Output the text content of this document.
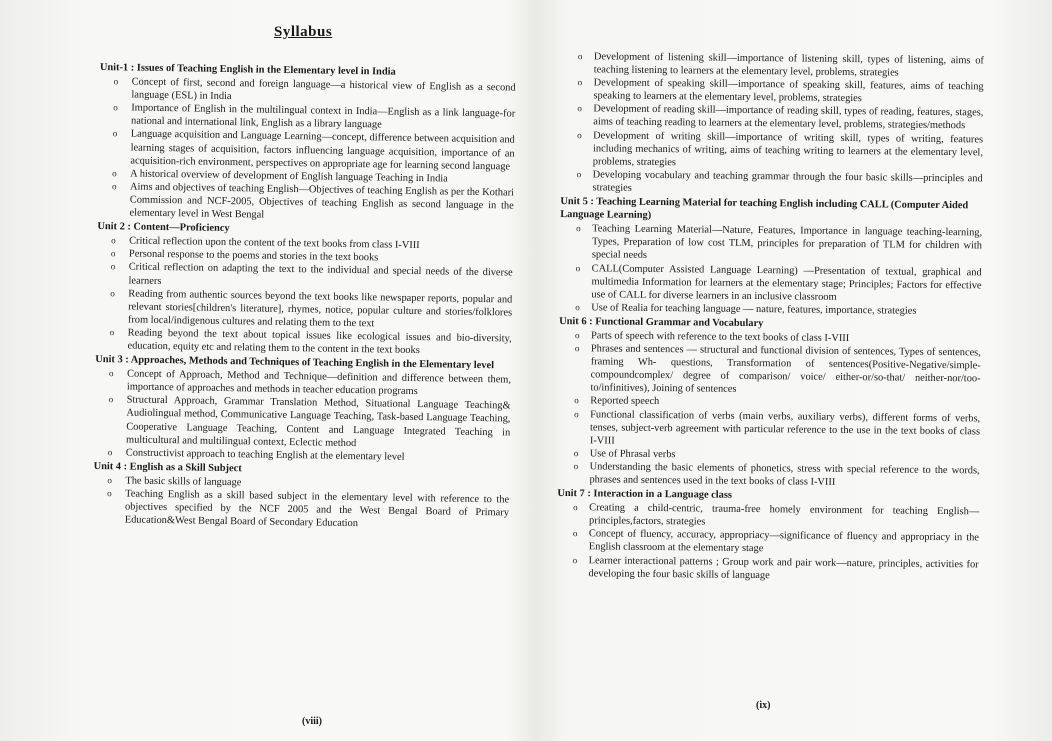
Syllabus
Unit-1 : Issues of Teaching English in the Elementary level in India
o Concept of first, second and foreign language—a historical view of English as a second language (ESL) in India
o Importance of English in the multilingual context in India—English as a link language-for national and international link, English as a library language
o Language acquisition and Language Learning—concept, difference between acquisition and learning stages of acquisition, factors influencing language acquisition, importance of an acquisition-rich environment, perspectives on appropriate age for learning second language
o A historical overview of development of English language Teaching in India
o Aims and objectives of teaching English—Objectives of teaching English as per the Kothari Commission and NCF-2005, Objectives of teaching English as second language in the elementary level in West Bengal
Unit 2 : Content—Proficiency
o Critical reflection upon the content of the text books from class I-VIII
o Personal response to the poems and stories in the text books
o Critical reflection on adapting the text to the individual and special needs of the diverse learners
o Reading from authentic sources beyond the text books like newspaper reports, popular and relevant stories[children's literature], rhymes, notice, popular culture and stories/folklores from local/indigenous cultures and relating them to the text
o Reading beyond the text about topical issues like ecological issues and bio-diversity, education, equity etc and relating them to the content in the text books
Unit 3 : Approaches, Methods and Techniques of Teaching English in the Elementary level
o Concept of Approach, Method and Technique—definition and difference between them, importance of approaches and methods in teacher education programs
o Structural Approach, Grammar Translation Method, Situational Language Teaching& Audiolingual method, Communicative Language Teaching, Task-based Language Teaching, Cooperative Language Teaching, Content and Language Integrated Teaching in multicultural and multilingual context, Eclectic method
o Constructivist approach to teaching English at the elementary level
Unit 4 : English as a Skill Subject
o The basic skills of language
o Teaching English as a skill based subject in the elementary level with reference to the objectives specified by the NCF 2005 and the West Bengal Board of Primary Education&West Bengal Board of Secondary Education
(viii)
o Development of listening skill—importance of listening skill, types of listening, aims of teaching listening to learners at the elementary level, problems, strategies
o Development of speaking skill—importance of speaking skill, features, aims of teaching speaking to learners at the elementary level, problems, strategies
o Development of reading skill—importance of reading skill, types of reading, features, stages, aims of teaching reading to learners at the elementary level, problems, strategies/methods
o Development of writing skill—importance of writing skill, types of writing, features including mechanics of writing, aims of teaching writing to learners at the elementary level, problems, strategies
o Developing vocabulary and teaching grammar through the four basic skills—principles and strategies
Unit 5 : Teaching Learning Material for teaching English including CALL (Computer Aided Language Learning)
o Teaching Learning Material—Nature, Features, Importance in language teaching-learning, Types, Preparation of low cost TLM, principles for preparation of TLM for children with special needs
o CALL(Computer Assisted Language Learning) —Presentation of textual, graphical and multimedia Information for learners at the elementary stage; Principles; Factors for effective use of CALL for diverse learners in an inclusive classroom
o Use of Realia for teaching language — nature, features, importance, strategies
Unit 6 : Functional Grammar and Vocabulary
o Parts of speech with reference to the text books of class I-VIII
o Phrases and sentences — structural and functional division of sentences, Types of sentences, framing Wh- questions, Transformation of sentences(Positive-Negative/simple-compoundcomplex/ degree of comparison/ voice/ either-or/so-that/ neither-nor/too-to/infinitives), Joining of sentences
o Reported speech
o Functional classification of verbs (main verbs, auxiliary verbs), different forms of verbs, tenses, subject-verb agreement with particular reference to the use in the text books of class I-VIII
o Use of Phrasal verbs
o Understanding the basic elements of phonetics, stress with special reference to the words, phrases and sentences used in the text books of class I-VIII
Unit 7 : Interaction in a Language class
o Creating a child-centric, trauma-free homely environment for teaching English—principles,factors, strategies
o Concept of fluency, accuracy, appropriacy—significance of fluency and appropriacy in the English classroom at the elementary stage
o Learner interactional patterns ; Group work and pair work—nature, principles, activities for developing the four basic skills of language
(ix)
